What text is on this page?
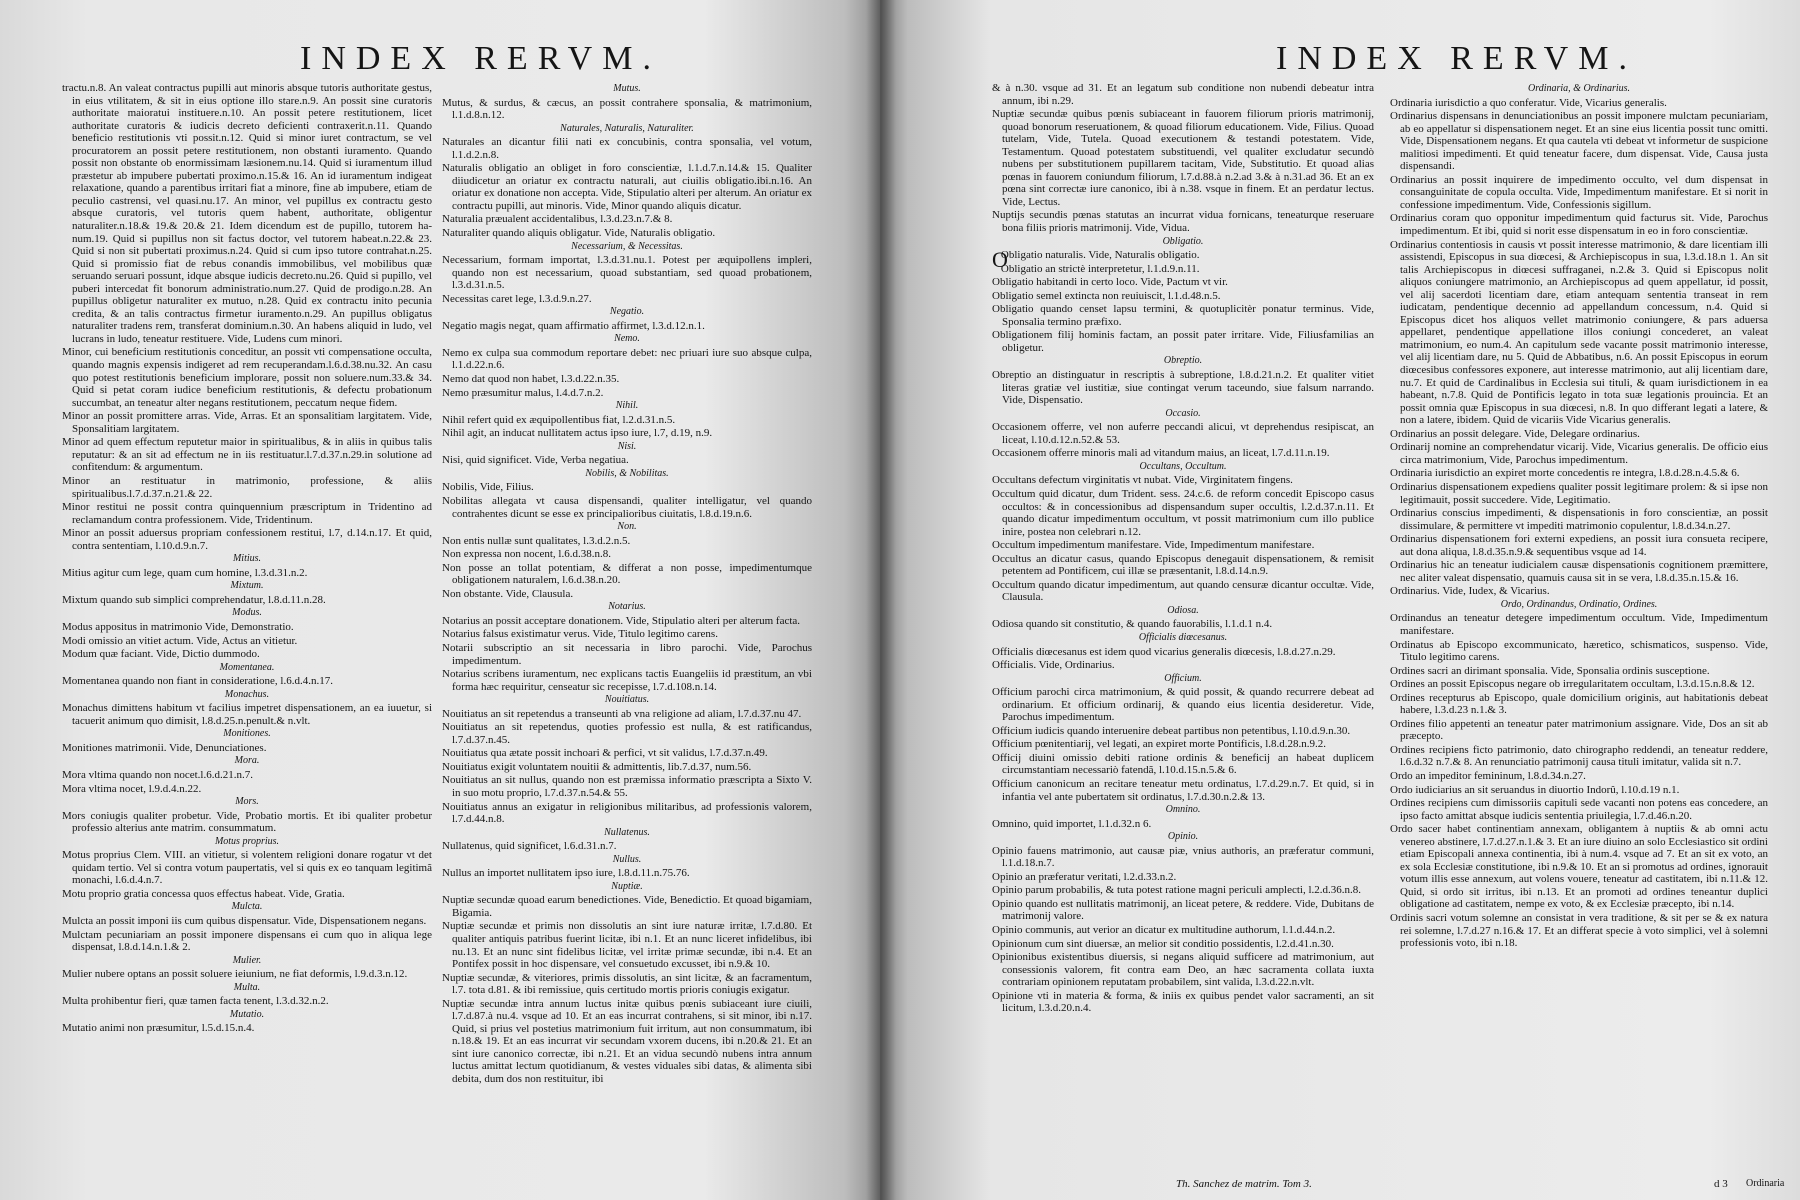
INDEX RERVM.
tractu.n.8. An valeat contractus pupilli aut minoris absque tutoris authoritate gestus, in eius vtilitatem, & sit in eius optione illo stare.n.9. An possit sine curatoris authoritate maioratui instituere.n.10. An possit petere restitutionem, licet authoritate curatoris & iudicis decreto deficienti contraxerit.n.11. Quando beneficio restitutionis vti possit.n.12. Quid si minor iuret contractum, se vel procuratorem an possit petere restitutionem, non obstanti iuramento. Quando possit non obstante ob enormissimam læsionem.nu.14. Quid si iuramentum illud præstetur ab impubere pubertati proximo.n.15.& 16. An id iuramentum indigeat relaxatione, quando a parentibus irritari fiat a minore, fine ab impubere, etiam de peculio castrensi, vel quasi.nu.17. An minor, vel pupillus ex contractu gesto absque curatoris, vel tutoris quem habent, authoritate, obligentur naturaliter.n.18.& 19.& 20.& 21. Idem dicendum est de pupillo, tutorem ha-num.19. Quid si pupillus non sit factus doctor, vel tutorem habeat.n.22.& 23. Quid si non sit pubertati proximus.n.24. Quid si cum ipso tutore contrahat.n.25. Quid si promissio fiat de rebus conandis immobilibus, vel mobilibus quæ seruando seruari possunt, idque absque iudicis decreto.nu.26. Quid si pupillo, vel puberi intercedat fit bonorum administratio.num.27. Quid de prodigo.n.28. An pupillus obligetur naturaliter ex mutuo, n.28. Quid ex contractu inito pecunia credita, & an talis contractus firmetur iuramento.n.29. An pupillus obligatus naturaliter tradens rem, transferat dominium.n.30. An habens aliquid in ludo, vel lucrans in ludo, teneatur restituere. Vide, Ludens cum minori.
Minor, cui beneficium restitutionis conceditur, an possit vti compensatione occulta, quando magnis expensis indigeret ad rem recuperandam.l.6.d.38.nu.32. An casu quo potest restitutionis beneficium implorare, possit non soluere.num.33.& 34. Quid si petat coram iudice beneficium restitutionis, & defectu probationum succumbat, an teneatur alter negans restitutionem, peccatum neque fidem.
Minor an possit promittere arras. Vide, Arras. Et an sponsalitiam largitatem. Vide, Sponsalitiam largitatem.
Minor ad quem effectum reputetur maior in spiritualibus, & in aliis in quibus talis reputatur: & an sit ad effectum ne in iis restituatur.l.7.d.37.n.29.in solutione ad confitendum: & argumentum.
Minor an restituatur in matrimonio, professione, & aliis spiritualibus.l.7.d.37.n.21.& 22.
Minor restitui ne possit contra quinquennium præscriptum in Tridentino ad reclamandum contra professionem. Vide, Tridentinum.
Minor an possit aduersus propriam confessionem restitui, l.7, d.14.n.17. Et quid, contra sententiam, l.10.d.9.n.7.
Mitius.
Mitius agitur cum lege, quam cum homine, l.3.d.31.n.2.
Mixtum.
Mixtum quando sub simplici comprehendatur, l.8.d.11.n.28.
Modus.
Modus appositus in matrimonio Vide, Demonstratio.
Modi omissio an vitiet actum. Vide, Actus an vitietur.
Modum quæ faciant. Vide, Dictio dummodo.
Momentanea.
Momentanea quando non fiant in consideratione, l.6.d.4.n.17.
Monachus.
Monachus dimittens habitum vt facilius impetret dispensationem, an ea iuuetur, si tacuerit animum quo dimisit, l.8.d.25.n.penult.& n.vlt.
Monitiones.
Monitiones matrimonii. Vide, Denunciationes.
Mora.
Mora vltima quando non nocet.l.6.d.21.n.7.
Mora vltima nocet, l.9.d.4.n.22.
Mors.
Mors coniugis qualiter probetur. Vide, Probatio mortis. Et ibi qualiter probetur professio alterius ante matrim. consummatum.
Motus proprius.
Motus proprius Clem. VIII. an vitietur, si volentem religioni donare rogatur vt det quidam tertio. Vel si contra votum paupertatis, vel si quis ex eo tanquam legitimã monachi, l.6.d.4.n.7.
Motu proprio gratia concessa quos effectus habeat. Vide, Gratia.
Mulcta.
Mulcta an possit imponi iis cum quibus dispensatur. Vide, Dispensationem negans.
Mulctam pecuniariam an possit imponere dispensans ei cum quo in aliqua lege dispensat, l.8.d.14.n.1.& 2.
Mulier.
Mulier nubere optans an possit soluere ieiunium, ne fiat deformis, l.9.d.3.n.12.
Multa.
Multa prohibentur fieri, quæ tamen facta tenent, l.3.d.32.n.2.
Mutatio.
Mutatio animi non præsumitur, l.5.d.15.n.4.
Mutus.
Mutus, & surdus, & cæcus, an possit contrahere sponsalia, & matrimonium, l.1.d.8.n.12.
Naturales, Naturalis, Naturaliter.
Naturales an dicantur filii nati ex concubinis, contra sponsalia, vel votum, l.1.d.2.n.8.
Naturalis obligatio an obliget in foro conscientiæ, l.1.d.7.n.14.& 15. Qualiter diiudicetur an oriatur ex contractu naturali, aut ciuilis obligatio.ibi.n.16. An oriatur ex donatione non accepta. Vide, Stipulatio alteri per alterum. An oriatur ex contractu pupilli, aut minoris. Vide, Minor quando aliquis dicatur.
Naturalia præualent accidentalibus, l.3.d.23.n.7.& 8.
Naturaliter quando aliquis obligatur. Vide, Naturalis obligatio.
Necessarium, & Necessitas.
Necessarium, formam importat, l.3.d.31.nu.1. Potest per æquipollens impleri, quando non est necessarium, quoad substantiam, sed quoad probationem, l.3.d.31.n.5.
Necessitas caret lege, l.3.d.9.n.27.
Negatio.
Negatio magis negat, quam affirmatio affirmet, l.3.d.12.n.1.
Nemo.
Nemo ex culpa sua commodum reportare debet: nec priuari iure suo absque culpa, l.1.d.22.n.6.
Nemo dat quod non habet, l.3.d.22.n.35.
Nemo præsumitur malus, l.4.d.7.n.2.
Nihil.
Nihil refert quid ex æquipollentibus fiat, l.2.d.31.n.5.
Nihil agit, an inducat nullitatem actus ipso iure, l.7, d.19, n.9.
Nisi.
Nisi, quid significet. Vide, Verba negatiua.
Nobilis, & Nobilitas.
Nobilis, Vide, Filius.
Nobilitas allegata vt causa dispensandi, qualiter intelligatur, vel quando contrahentes dicunt se esse ex principalioribus ciuitatis, l.8.d.19.n.6.
Non.
Non entis nullæ sunt qualitates, l.3.d.2.n.5.
Non expressa non nocent, l.6.d.38.n.8.
Non posse an tollat potentiam, & differat a non posse, impedimentumque obligationem naturalem, l.6.d.38.n.20.
Non obstante. Vide, Clausula.
Notarius.
Notarius an possit acceptare donationem. Vide, Stipulatio alteri per alterum facta.
Notarius falsus existimatur verus. Vide, Titulo legitimo carens.
Notarii subscriptio an sit necessaria in libro parochi. Vide, Parochus impedimentum.
Notarius scribens iuramentum, nec explicans tactis Euangeliis id præstitum, an vbi forma hæc requiritur, censeatur sic recepisse, l.7.d.108.n.14.
Nouitiatus.
Nouitiatus an sit repetendus a transeunti ab vna religione ad aliam, l.7.d.37.nu 47.
Nouitiatus an sit repetendus, quoties professio est nulla, & est ratificandus, l.7.d.37.n.45.
Nouitiatus qua ætate possit inchoari & perfici, vt sit validus, l.7.d.37.n.49.
Nouitiatus exigit voluntatem nouitii & admittentis, lib.7.d.37, num.56.
Nouitiatus an sit nullus, quando non est præmissa informatio præscripta a Sixto V. in suo motu proprio, l.7.d.37.n.54.& 55.
Nouitiatus annus an exigatur in religionibus militaribus, ad professionis valorem, l.7.d.44.n.8.
Nullatenus.
Nullatenus, quid significet, l.6.d.31.n.7.
Nullus.
Nullus an importet nullitatem ipso iure, l.8.d.11.n.75.76.
Nuptiæ.
Nuptiæ secundæ quoad earum benedictiones. Vide, Benedictio. Et quoad bigamiam, Bigamia.
Nuptiæ secundæ et primis non dissolutis an sint iure naturæ irritæ, l.7.d.80. Et qualiter antiquis patribus fuerint licitæ, ibi n.1. Et an nunc liceret infidelibus, ibi nu.13. Et an nunc sint fidelibus licitæ, vel irritæ primæ secundæ, ibi n.4. Et an Pontifex possit in hoc dispensare, vel consuetudo excusset, ibi n.9.& 10.
Nuptiæ secundæ, & viteriores, primis dissolutis, an sint licitæ, & an facramentum, l.7. tota d.81. & ibi remissiue, quis certitudo mortis prioris coniugis exigatur.
Nuptiæ secundæ intra annum luctus initæ quibus pœnis subiaceant iure ciuili, l.7.d.87.à nu.4. vsque ad 10. Et an eas incurrat contrahens, si sit minor, ibi n.17. Quid, si prius vel postetius matrimonium fuit irritum, aut non consummatum, ibi n.18.& 19. Et an eas incurrat vir secundam vxorem ducens, ibi n.20.& 21. Et an sint iure canonico correctæ, ibi n.21. Et an vidua secundò nubens intra annum luctus amittat lectum quotidianum, & vestes viduales sibi datas, & alimenta sibi debita, dum dos non restituitur, ibi
INDEX RERVM.
& à n.30. vsque ad 31. Et an legatum sub conditione non nubendi debeatur intra annum, ibi n.29.
Nuptiæ secundæ quibus pœnis subiaceant in fauorem filiorum prioris matrimonij, quoad bonorum reseruationem, & quoad filiorum educationem. Vide, Filius. Quoad tutelam, Vide, Tutela. Quoad executionem & testandi potestatem. Vide, Testamentum. Quoad potestatem substituendi, vel qualiter excludatur secundò nubens per substitutionem pupillarem tacitam, Vide, Substitutio. Et quoad alias pœnas in fauorem coniundum filiorum, l.7.d.88.à n.2.ad 3.& à n.31.ad 36. Et an ex pœna sint correctæ iure canonico, ibi à n.38. vsque in finem. Et an perdatur lectus. Vide, Lectus.
Nuptijs secundis pœnas statutas an incurrat vidua fornicans, teneaturque reseruare bona filiis prioris matrimonij. Vide, Vidua.
Obligatio.
O
Obligatio naturalis. Vide, Naturalis obligatio.
Obligatio an strictè interpretetur, l.1.d.9.n.11.
Obligatio habitandi in certo loco. Vide, Pactum vt vir.
Obligatio semel extincta non reuiuiscit, l.1.d.48.n.5.
Obligatio quando censet lapsu termini, & quotuplicitèr ponatur terminus. Vide, Sponsalia termino præfixo.
Obligationem filij hominis factam, an possit pater irritare. Vide, Filiusfamilias an obligetur.
Obreptio.
Obreptio an distinguatur in rescriptis à subreptione, l.8.d.21.n.2. Et qualiter vitiet literas gratiæ vel iustitiæ, siue contingat verum taceundo, siue falsum narrando. Vide, Dispensatio.
Occasio.
Occasionem offerre, vel non auferre peccandi alicui, vt deprehendus resipiscat, an liceat, l.10.d.12.n.52.& 53.
Occasionem offerre minoris mali ad vitandum maius, an liceat, l.7.d.11.n.19.
Occultans, Occultum.
Occultans defectum virginitatis vt nubat. Vide, Virginitatem fingens.
Occultum quid dicatur, dum Trident. sess. 24.c.6. de reform concedit Episcopo casus occultos: & in concessionibus ad dispensandum super occultis, l.2.d.37.n.11. Et quando dicatur impedimentum occultum, vt possit matrimonium cum illo publice inire, postea non celebrari n.12.
Occultum impedimentum manifestare. Vide, Impedimentum manifestare.
Occultus an dicatur casus, quando Episcopus denegauit dispensationem, & remisit petentem ad Pontificem, cui illæ se præsentanit, l.8.d.14.n.9.
Occultum quando dicatur impedimentum, aut quando censuræ dicantur occultæ. Vide, Clausula.
Odiosa.
Odiosa quando sit constitutio, & quando fauorabilis, l.1.d.1 n.4.
Officialis diœcesanus.
Officialis diœcesanus est idem quod vicarius generalis diœcesis, l.8.d.27.n.29.
Officialis. Vide, Ordinarius.
Officium.
Officium parochi circa matrimonium, & quid possit, & quando recurrere debeat ad ordinarium. Et officium ordinarij, & quando eius licentia desideretur. Vide, Parochus impedimentum.
Officium iudicis quando interuenire debeat partibus non petentibus, l.10.d.9.n.30.
Officium pœnitentiarij, vel legati, an expiret morte Pontificis, l.8.d.28.n.9.2.
Officij diuini omissio debiti ratione ordinis & beneficij an habeat duplicem circumstantiam necessariò fatendã, l.10.d.15.n.5.& 6.
Officium canonicum an recitare teneatur metu ordinatus, l.7.d.29.n.7. Et quid, si in infantia vel ante pubertatem sit ordinatus, l.7.d.30.n.2.& 13.
Omnino.
Omnino, quid importet, l.1.d.32.n 6.
Opinio.
Opinio fauens matrimonio, aut causæ piæ, vnius authoris, an præferatur communi, l.1.d.18.n.7.
Opinio an præferatur veritati, l.2.d.33.n.2.
Opinio parum probabilis, & tuta potest ratione magni periculi amplecti, l.2.d.36.n.8.
Opinio quando est nullitatis matrimonij, an liceat petere, & reddere. Vide, Dubitans de matrimonij valore.
Opinio communis, aut verior an dicatur ex multitudine authorum, l.1.d.44.n.2.
Opinionum cum sint diuersæ, an melior sit conditio possidentis, l.2.d.41.n.30.
Opinionibus existentibus diuersis, si negans aliquid sufficere ad matrimonium, aut consessionis valorem, fit contra eam Deo, an hæc sacramenta collata iuxta contrariam opinionem reputatam probabilem, sint valida, l.3.d.22.n.vlt.
Opinione vti in materia & forma, & iniis ex quibus pendet valor sacramenti, an sit licitum, l.3.d.20.n.4.
Ordinaria, & Ordinarius.
Ordinaria iurisdictio a quo conferatur. Vide, Vicarius generalis.
Ordinarius dispensans in denunciationibus an possit imponere mulctam pecuniariam, ab eo appellatur si dispensationem neget. Et an sine eius licentia possit tunc omitti. Vide, Dispensationem negans. Et qua cautela vti debeat vt informetur de suspicione malitiosi impedimenti. Et quid teneatur facere, dum dispensat. Vide, Causa justa dispensandi.
Ordinarius an possit inquirere de impedimento occulto, vel dum dispensat in consanguinitate de copula occulta. Vide, Impedimentum manifestare. Et si norit in confessione impedimentum. Vide, Confessionis sigillum.
Ordinarius coram quo opponitur impedimentum quid facturus sit. Vide, Parochus impedimentum. Et ibi, quid si norit esse dispensatum in eo in foro conscientiæ.
Ordinarius contentiosis in causis vt possit interesse matrimonio, & dare licentiam illi assistendi, Episcopus in sua diœcesi, & Archiepiscopus in sua, l.3.d.18.n 1. An sit talis Archiepiscopus in diœcesi suffraganei, n.2.& 3. Quid si Episcopus nolit aliquos coniungere matrimonio, an Archiepiscopus ad quem appellatur, id possit, vel alij sacerdoti licentiam dare, etiam antequam sententia transeat in rem iudicatam, pendentique decennio ad appellandum concessum, n.4. Quid si Episcopus dicet hos aliquos vellet matrimonio coniungere, & pars aduersa appellaret, pendentique appellatione illos coniungi concederet, an valeat matrimonium, eo num.4. An capitulum sede vacante possit matrimonio interesse, vel alij licentiam dare, nu 5. Quid de Abbatibus, n.6. An possit Episcopus in eorum diœcesibus confessores exponere, aut interesse matrimonio, aut alij licentiam dare, nu.7. Et quid de Cardinalibus in Ecclesia sui tituli, & quam iurisdictionem in ea habeant, n.7.8. Quid de Pontificis legato in tota suæ legationis prouincia. Et an possit omnia quæ Episcopus in sua diœcesi, n.8. In quo differant legati a latere, & non a latere, ibidem. Quid de vicariis Vide Vicarius generalis.
Ordinarius an possit delegare. Vide, Delegare ordinarius.
Ordinarij nomine an comprehendatur vicarij. Vide, Vicarius generalis. De officio eius circa matrimonium, Vide, Parochus impedimentum.
Ordinaria iurisdictio an expiret morte concedentis re integra, l.8.d.28.n.4.5.& 6.
Ordinarius dispensationem expediens qualiter possit legitimare prolem: & si ipse non legitimauit, possit succedere. Vide, Legitimatio.
Ordinarius conscius impedimenti, & dispensationis in foro conscientiæ, an possit dissimulare, & permittere vt impediti matrimonio copulentur, l.8.d.34.n.27.
Ordinarius dispensationem fori externi expediens, an possit iura consueta recipere, aut dona aliqua, l.8.d.35.n.9.& sequentibus vsque ad 14.
Ordinarius hic an teneatur iudicialem causæ dispensationis cognitionem præmittere, nec aliter valeat dispensatio, quamuis causa sit in se vera, l.8.d.35.n.15.& 16.
Ordinarius. Vide, Iudex, & Vicarius.
Ordo, Ordinandus, Ordinatio, Ordines.
Ordinandus an teneatur detegere impedimentum occultum. Vide, Impedimentum manifestare.
Ordinatus ab Episcopo excommunicato, hæretico, schismaticos, suspenso. Vide, Titulo legitimo carens.
Ordines sacri an dirimant sponsalia. Vide, Sponsalia ordinis susceptione.
Ordines an possit Episcopus negare ob irregularitatem occultam, l.3.d.15.n.8.& 12.
Ordines recepturus ab Episcopo, quale domicilium originis, aut habitationis debeat habere, l.3.d.23 n.1.& 3.
Ordines filio appetenti an teneatur pater matrimonium assignare. Vide, Dos an sit ab præcepto.
Ordines recipiens ficto patrimonio, dato chirographo reddendi, an teneatur reddere, l.6.d.32 n.7.& 8. An renunciatio patrimonij causa tituli imitatur, valida sit n.7.
Ordo an impeditor femininum, l.8.d.34.n.27.
Ordo iudiciarius an sit seruandus in diuortio Indorû, l.10.d.19 n.1.
Ordines recipiens cum dimissoriis capituli sede vacanti non potens eas concedere, an ipso facto amittat absque iudicis sententia priuilegia, l.7.d.46.n.20.
Ordo sacer habet continentiam annexam, obligantem à nuptiis & ab omni actu venereo abstinere, l.7.d.27.n.1.& 3. Et an iure diuino an solo Ecclesiastico sit ordini etiam Episcopali annexa continentia, ibi à num.4. vsque ad 7. Et an sit ex voto, an ex sola Ecclesiæ constitutione, ibi n.9.& 10. Et an si promotus ad ordines, ignorauit votum illis esse annexum, aut volens vouere, teneatur ad castitatem, ibi n.11.& 12. Quid, si ordo sit irritus, ibi n.13. Et an promoti ad ordines teneantur duplici obligatione ad castitatem, nempe ex voto, & ex Ecclesiæ præcepto, ibi n.14.
Ordinis sacri votum solemne an consistat in vera traditione, & sit per se & ex natura rei solemne, l.7.d.27 n.16.& 17. Et an differat specie à voto simplici, vel à solemni professionis voto, ibi n.18.
Th. Sanchez de matrim. Tom 3.	d 3 Ordinaria
